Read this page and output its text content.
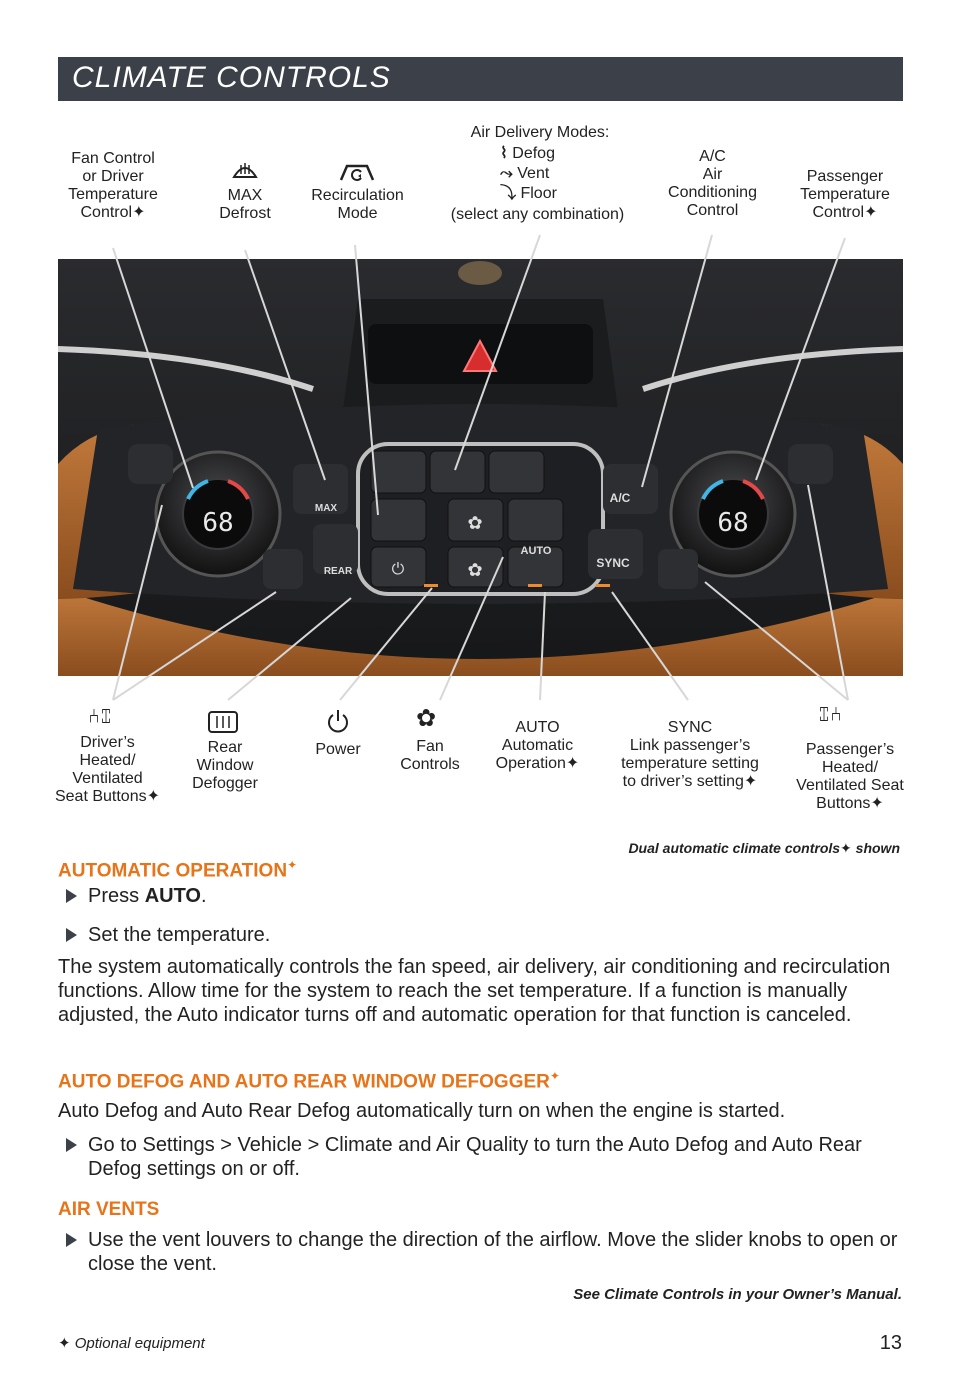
CLIMATE CONTROLS
Fan Control
or Driver
Temperature
Control✦
MAX
Defrost
Recirculation
Mode
Air Delivery Modes:
⌇ Defog
⤳ Vent
⤵ Floor
(select any combination)
A/C
Air
Conditioning
Control
Passenger
Temperature
Control✦
68	68
MAX
REAR
AUTO
A/C
SYNC
✿
✿
⏻
⑃⑄
Driver’s
Heated/
Ventilated
Seat Buttons✦
Rear
Window
Defogger
Power
✿
Fan
Controls
AUTO
Automatic
Operation✦
SYNC
Link passenger’s
temperature setting
to driver’s setting✦
⑄⑃
Passenger’s
Heated/
Ventilated Seat
Buttons✦
Dual automatic climate controls✦ shown
AUTOMATIC OPERATION✦
Press AUTO.
Set the temperature.
The system automatically controls the fan speed, air delivery, air conditioning and recirculation functions. Allow time for the system to reach the set temperature. If a function is manually adjusted, the Auto indicator turns off and automatic operation for that function is canceled.
AUTO DEFOG AND AUTO REAR WINDOW DEFOGGER✦
Auto Defog and Auto Rear Defog automatically turn on when the engine is started.
Go to Settings > Vehicle > Climate and Air Quality to turn the Auto Defog and Auto Rear Defog settings on or off.
AIR VENTS
Use the vent louvers to change the direction of the airflow. Move the slider knobs to open or close the vent.
See Climate Controls in your Owner’s Manual.
✦ Optional equipment	13
